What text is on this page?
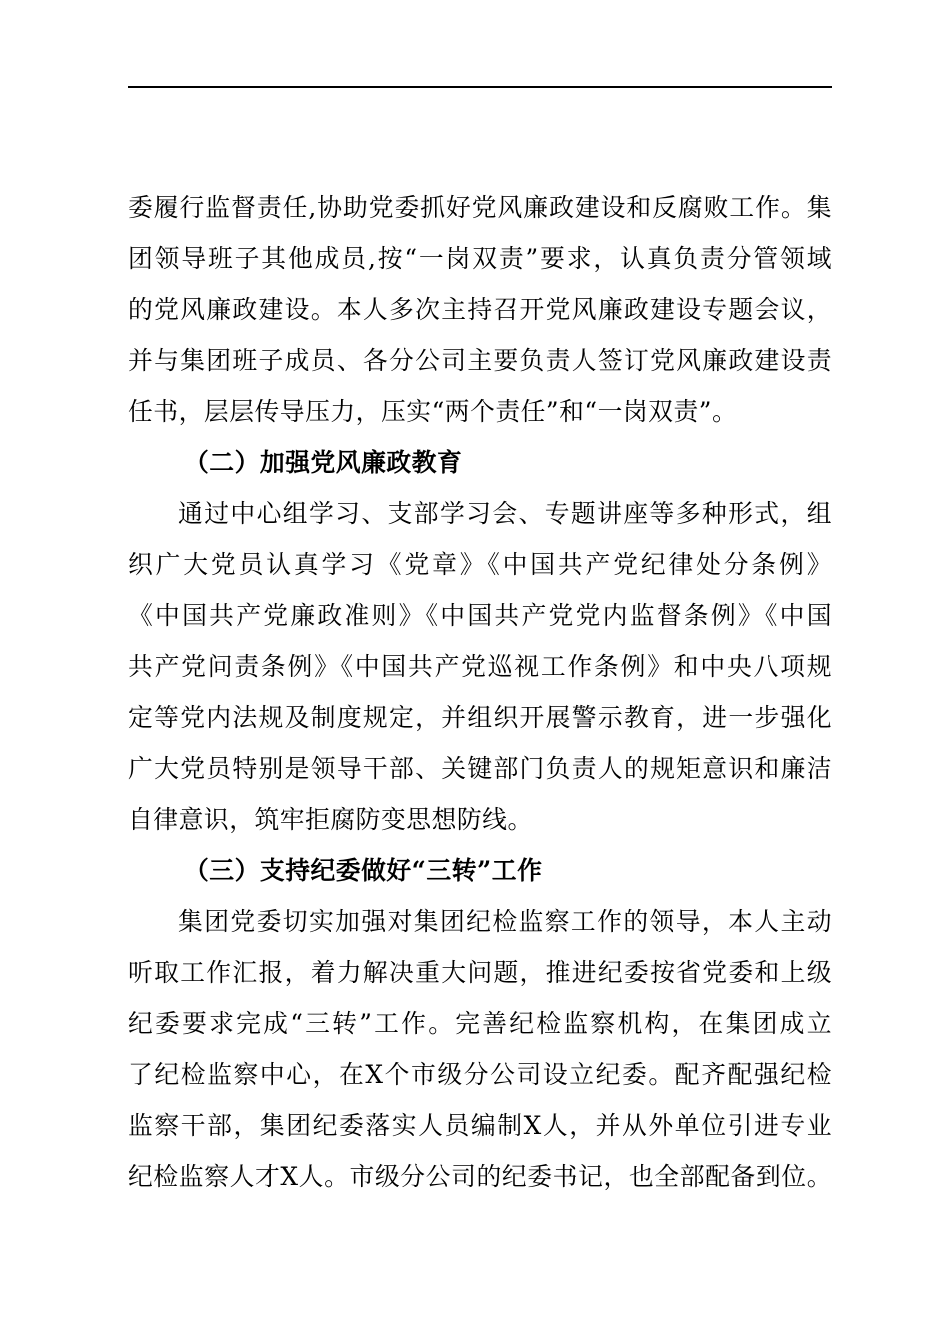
委履行监督责任,协助党委抓好党风廉政建设和反腐败工作。集
团领导班子其他成员,按“一岗双责”要求，认真负责分管领域
的党风廉政建设。本人多次主持召开党风廉政建设专题会议，
并与集团班子成员、各分公司主要负责人签订党风廉政建设责
任书，层层传导压力，压实“两个责任”和“一岗双责”。
（二）加强党风廉政教育
通过中心组学习、支部学习会、专题讲座等多种形式，组
织广大党员认真学习《党章》《中国共产党纪律处分条例》
《中国共产党廉政准则》《中国共产党党内监督条例》《中国
共产党问责条例》《中国共产党巡视工作条例》和中央八项规
定等党内法规及制度规定，并组织开展警示教育，进一步强化
广大党员特别是领导干部、关键部门负责人的规矩意识和廉洁
自律意识，筑牢拒腐防变思想防线。
（三）支持纪委做好“三转”工作
集团党委切实加强对集团纪检监察工作的领导，本人主动
听取工作汇报，着力解决重大问题，推进纪委按省党委和上级
纪委要求完成“三转”工作。完善纪检监察机构，在集团成立
了纪检监察中心，在X个市级分公司设立纪委。配齐配强纪检
监察干部，集团纪委落实人员编制X人，并从外单位引进专业
纪检监察人才X人。市级分公司的纪委书记，也全部配备到位。
